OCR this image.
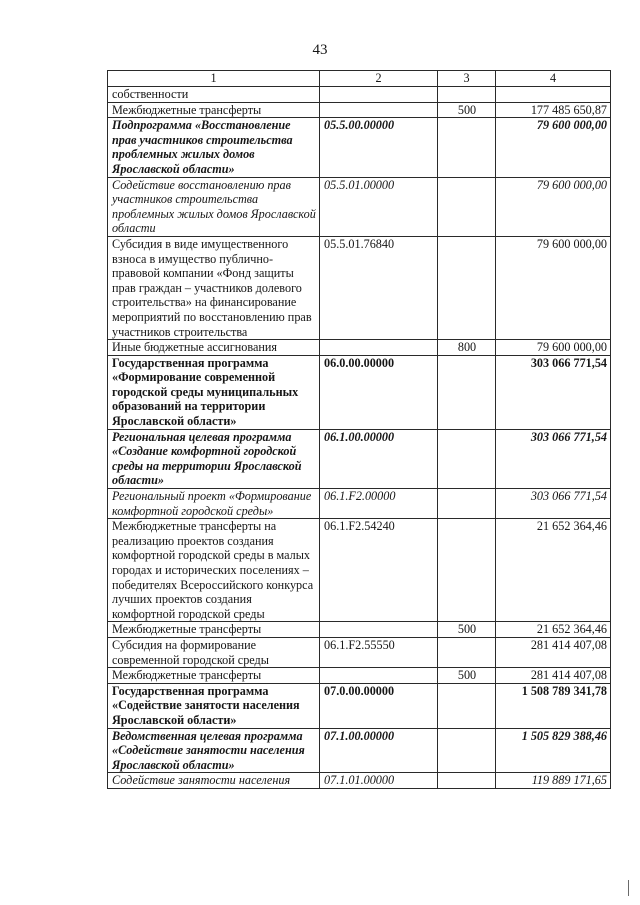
43
1	2	3	4
собственности			
Межбюджетные трансферты		500	177 485 650,87
Подпрограмма «Восстановление прав участников строительства проблемных жилых домов Ярославской области»	05.5.00.00000		79 600 000,00
Содействие восстановлению прав участников строительства проблемных жилых домов Ярославской области	05.5.01.00000		79 600 000,00
Субсидия в виде имущественного взноса в имущество публично-правовой компании «Фонд защиты прав граждан – участников долевого строительства» на финансирование мероприятий по восстановлению прав участников строительства	05.5.01.76840		79 600 000,00
Иные бюджетные ассигнования		800	79 600 000,00
Государственная программа «Формирование современной городской среды муниципальных образований на территории Ярославской области»	06.0.00.00000		303 066 771,54
Региональная целевая программа «Создание комфортной городской среды на территории Ярославской области»	06.1.00.00000		303 066 771,54
Региональный проект «Формирование комфортной городской среды»	06.1.F2.00000		303 066 771,54
Межбюджетные трансферты на реализацию проектов создания комфортной городской среды в малых городах и исторических поселениях – победителях Всероссийского конкурса лучших проектов создания комфортной городской среды	06.1.F2.54240		21 652 364,46
Межбюджетные трансферты		500	21 652 364,46
Субсидия на формирование современной городской среды	06.1.F2.55550		281 414 407,08
Межбюджетные трансферты		500	281 414 407,08
Государственная программа «Содействие занятости населения Ярославской области»	07.0.00.00000		1 508 789 341,78
Ведомственная целевая программа «Содействие занятости населения Ярославской области»	07.1.00.00000		1 505 829 388,46
Содействие занятости населения	07.1.01.00000		119 889 171,65
